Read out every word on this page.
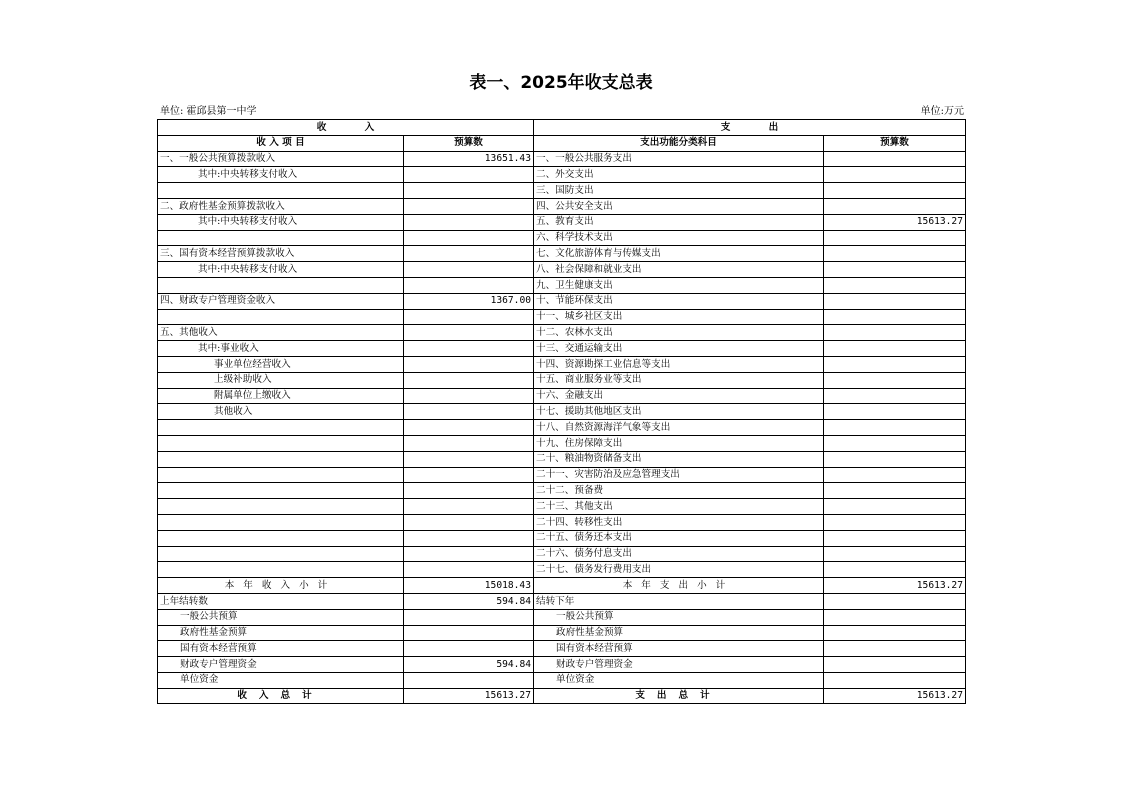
表一、2025年收支总表
单位: 霍邱县第一中学	单位:万元
收　　　　入		支　　　　出	
收 入 项 目	预算数	支出功能分类科目	预算数
一、一般公共预算拨款收入	13651.43	一、一般公共服务支出	
其中:中央转移支付收入		二、外交支出	
		三、国防支出	
二、政府性基金预算拨款收入		四、公共安全支出	
其中:中央转移支付收入		五、教育支出	15613.27
		六、科学技术支出	
三、国有资本经营预算拨款收入		七、文化旅游体育与传媒支出	
其中:中央转移支付收入		八、社会保障和就业支出	
		九、卫生健康支出	
四、财政专户管理资金收入	1367.00	十、节能环保支出	
		十一、城乡社区支出	
五、其他收入		十二、农林水支出	
其中:事业收入		十三、交通运输支出	
事业单位经营收入		十四、资源勘探工业信息等支出	
上级补助收入		十五、商业服务业等支出	
附属单位上缴收入		十六、金融支出	
其他收入		十七、援助其他地区支出	
		十八、自然资源海洋气象等支出	
		十九、住房保障支出	
		二十、粮油物资储备支出	
		二十一、灾害防治及应急管理支出	
		二十二、预备费	
		二十三、其他支出	
		二十四、转移性支出	
		二十五、债务还本支出	
		二十六、债务付息支出	
		二十七、债务发行费用支出	
本年收入小计	15018.43	本年支出小计	15613.27
上年结转数	594.84	结转下年	
一般公共预算		一般公共预算	
政府性基金预算		政府性基金预算	
国有资本经营预算		国有资本经营预算	
财政专户管理资金	594.84	财政专户管理资金	
单位资金		单位资金	
收入总计	15613.27	支出总计	15613.27
